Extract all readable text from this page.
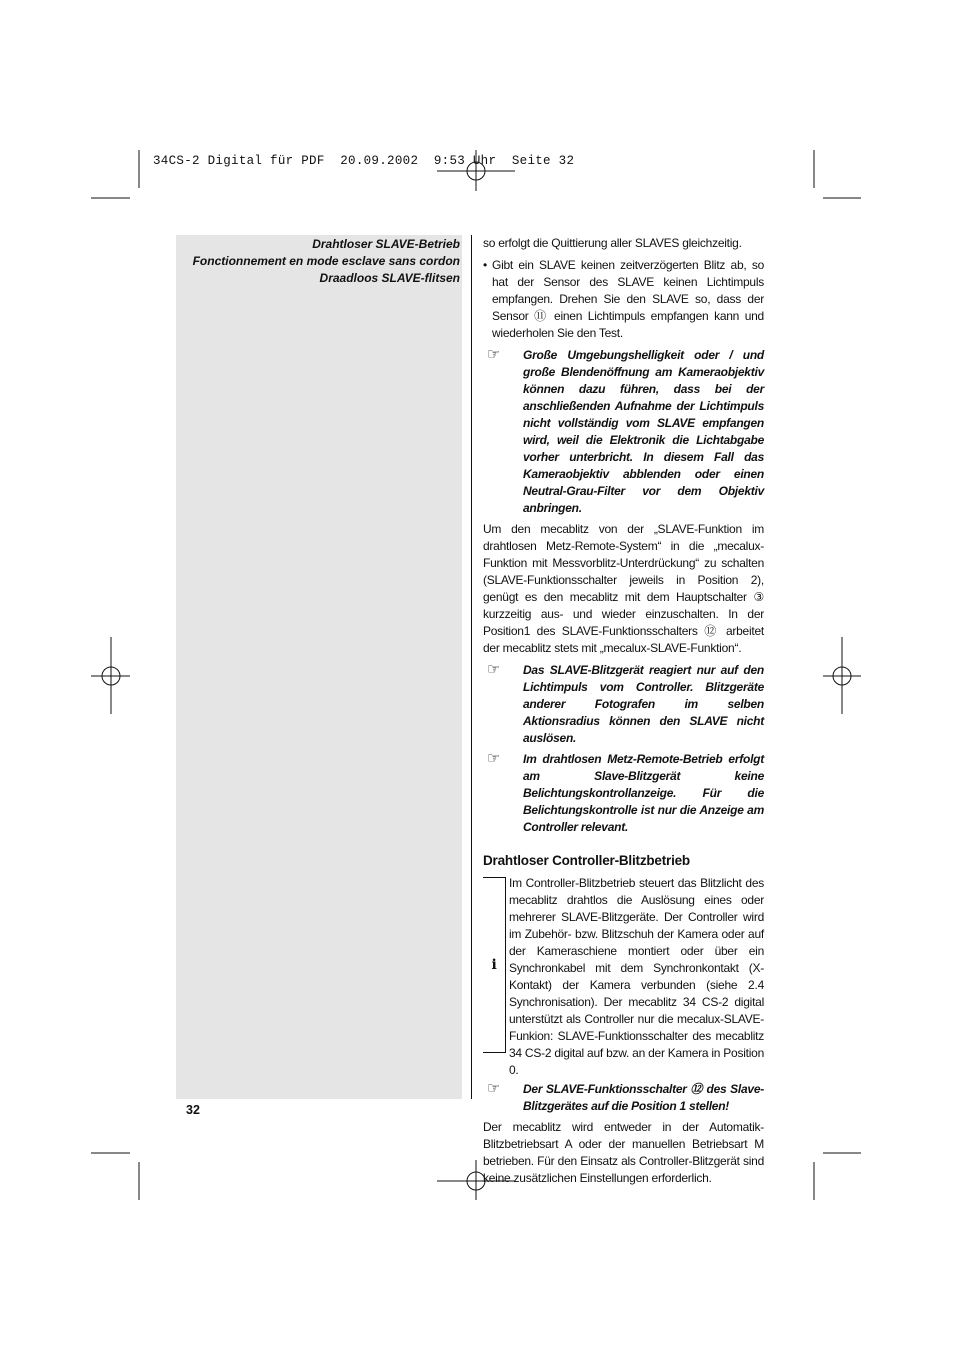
34CS-2 Digital für PDF  20.09.2002  9:53 Uhr  Seite 32
Drahtloser SLAVE-Betrieb
Fonctionnement en mode esclave sans cordon
Draadloos SLAVE-flitsen
32

so erfolgt die Quittierung aller SLAVES gleichzeitig.

• Gibt ein SLAVE keinen zeitverzögerten Blitz ab, so hat der Sensor des SLAVE keinen Lichtimpuls empfangen. Drehen Sie den SLAVE so, dass der Sensor ⑪ einen Lichtimpuls empfangen kann und wiederholen Sie den Test.
☞	Große Umgebungshelligkeit oder / und große Blendenöffnung am Kameraobjektiv können dazu führen, dass bei der anschließenden Aufnahme der Lichtimpuls nicht vollständig vom SLAVE empfangen wird, weil die Elektronik die Lichtabgabe vorher unterbricht. In diesem Fall das Kameraobjektiv abblenden oder einen Neutral-Grau-Filter vor dem Objektiv anbringen.

Um den mecablitz von der „SLAVE-Funktion im drahtlosen Metz-Remote-System“ in die „mecalux-Funktion mit Messvorblitz-Unterdrückung“ zu schalten (SLAVE-Funktionsschalter jeweils in Position 2), genügt es den mecablitz mit dem Hauptschalter ③ kurzzeitig aus- und wieder einzuschalten. In der Position1 des SLAVE-Funktionsschalters ⑫ arbeitet der mecablitz stets mit „mecalux-SLAVE-Funktion“.

☞	Das SLAVE-Blitzgerät reagiert nur auf den Lichtimpuls vom Controller. Blitzgeräte anderer Fotografen im selben Aktionsradius können den SLAVE nicht auslösen.
☞	Im drahtlosen Metz-Remote-Betrieb erfolgt am Slave-Blitzgerät keine Belichtungskontrollanzeige. Für die Belichtungskontrolle ist nur die Anzeige am Controller relevant.
Drahtloser Controller-Blitzbetrieb
i
Im Controller-Blitzbetrieb steuert das Blitzlicht des mecablitz drahtlos die Auslösung eines oder mehrerer SLAVE-Blitzgeräte. Der Controller wird im Zubehör- bzw. Blitzschuh der Kamera oder auf der Kameraschiene montiert oder über ein Synchronkabel mit dem Synchronkontakt (X-Kontakt) der Kamera verbunden (siehe 2.4 Synchronisation). Der mecablitz 34 CS-2 digital unterstützt als Controller nur die mecalux-SLAVE-Funkion: SLAVE-Funktionsschalter des mecablitz 34 CS-2 digital auf bzw. an der Kamera in Position 0.
☞	Der SLAVE-Funktionsschalter ⑫ des Slave-Blitzgerätes auf die Position 1 stellen!

Der mecablitz wird entweder in der Automatik-Blitzbetriebsart A oder der manuellen Betriebsart M betrieben. Für den Einsatz als Controller-Blitzgerät sind keine zusätzlichen Einstellungen erforderlich.
